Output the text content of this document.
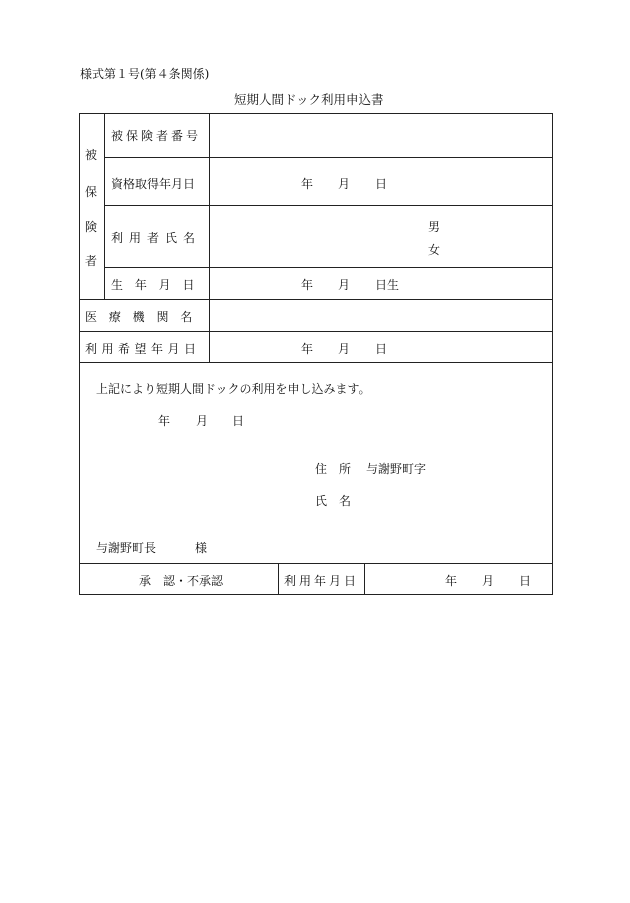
様式第１号(第４条関係)
短期人間ドック利用申込書
被
保
険
者
被保険者番号
資格取得年月日	年 月 日
利用者氏名
男
女
生 年 月 日	年 月 日生
医 療 機 関 名
利用希望年月日	年 月 日
上記により短期人間ドックの利用を申し込みます。
年 月 日
住　所 与謝野町字
氏　名
与謝野町長	様
承　認・不承認	利用年月日	年 月 日
